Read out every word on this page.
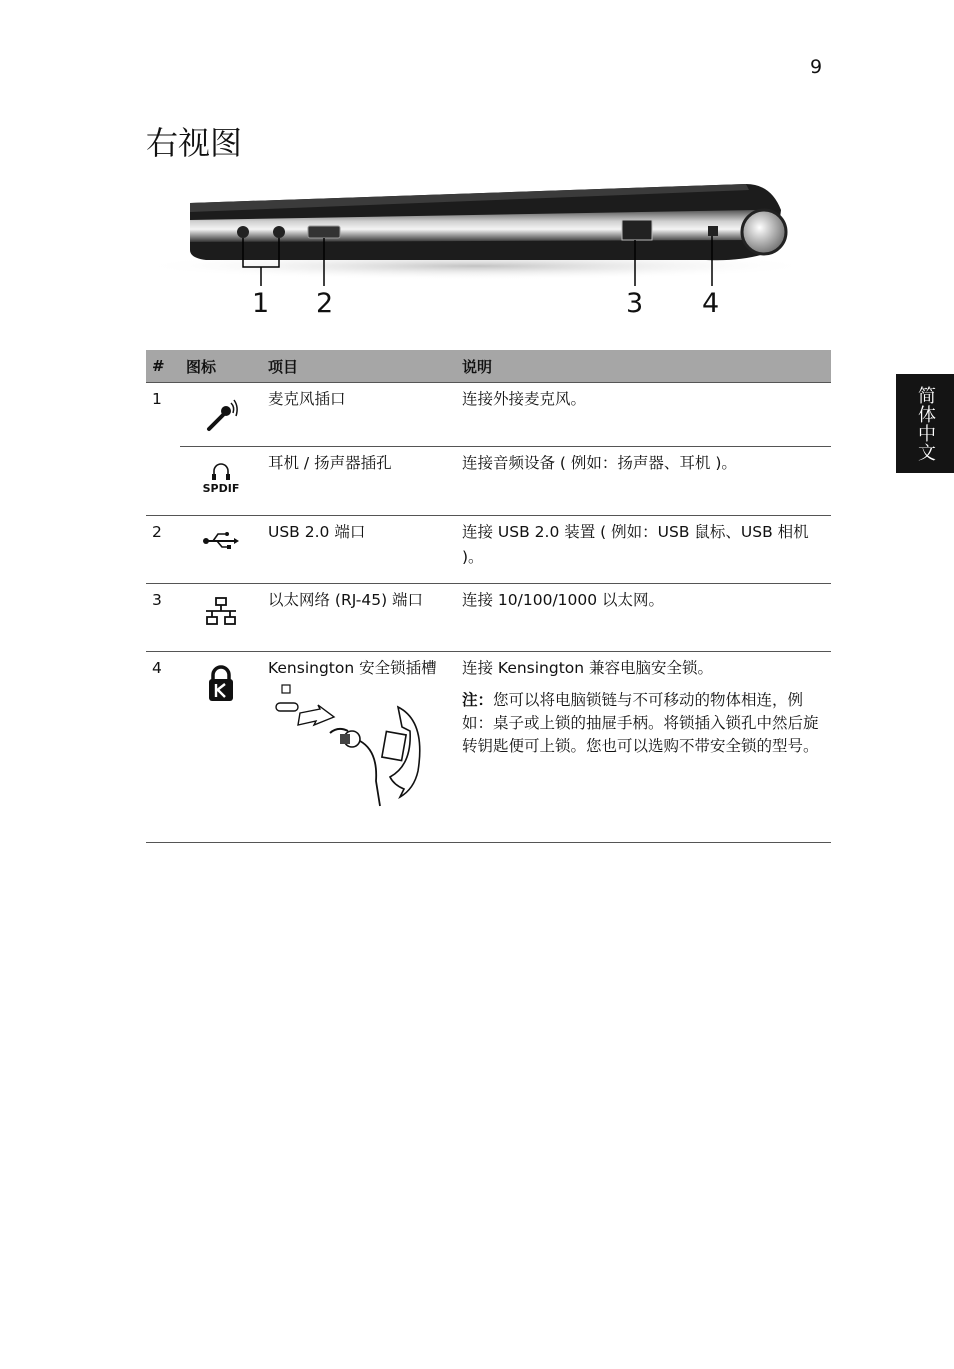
9
右视图
简体中文
1 2	3 4
#	图标	项目	说明
1		麦克风插口	连接外接麦克风。

	SPDIF	耳机 / 扬声器插孔	连接音频设备 ( 例如：扬声器、耳机 )。
2		USB 2.0 端口	连接 USB 2.0 装置 ( 例如：USB 鼠标、USB 相机 )。
3		以太网络 (RJ-45) 端口	连接 10/100/1000 以太网。
4		Kensington 安全锁插槽	连接 Kensington 兼容电脑安全锁。
注：您可以将电脑锁链与不可移动的物体相连，例如：桌子或上锁的抽屉手柄。将锁插入锁孔中然后旋转钥匙便可上锁。您也可以选购不带安全锁的型号。
